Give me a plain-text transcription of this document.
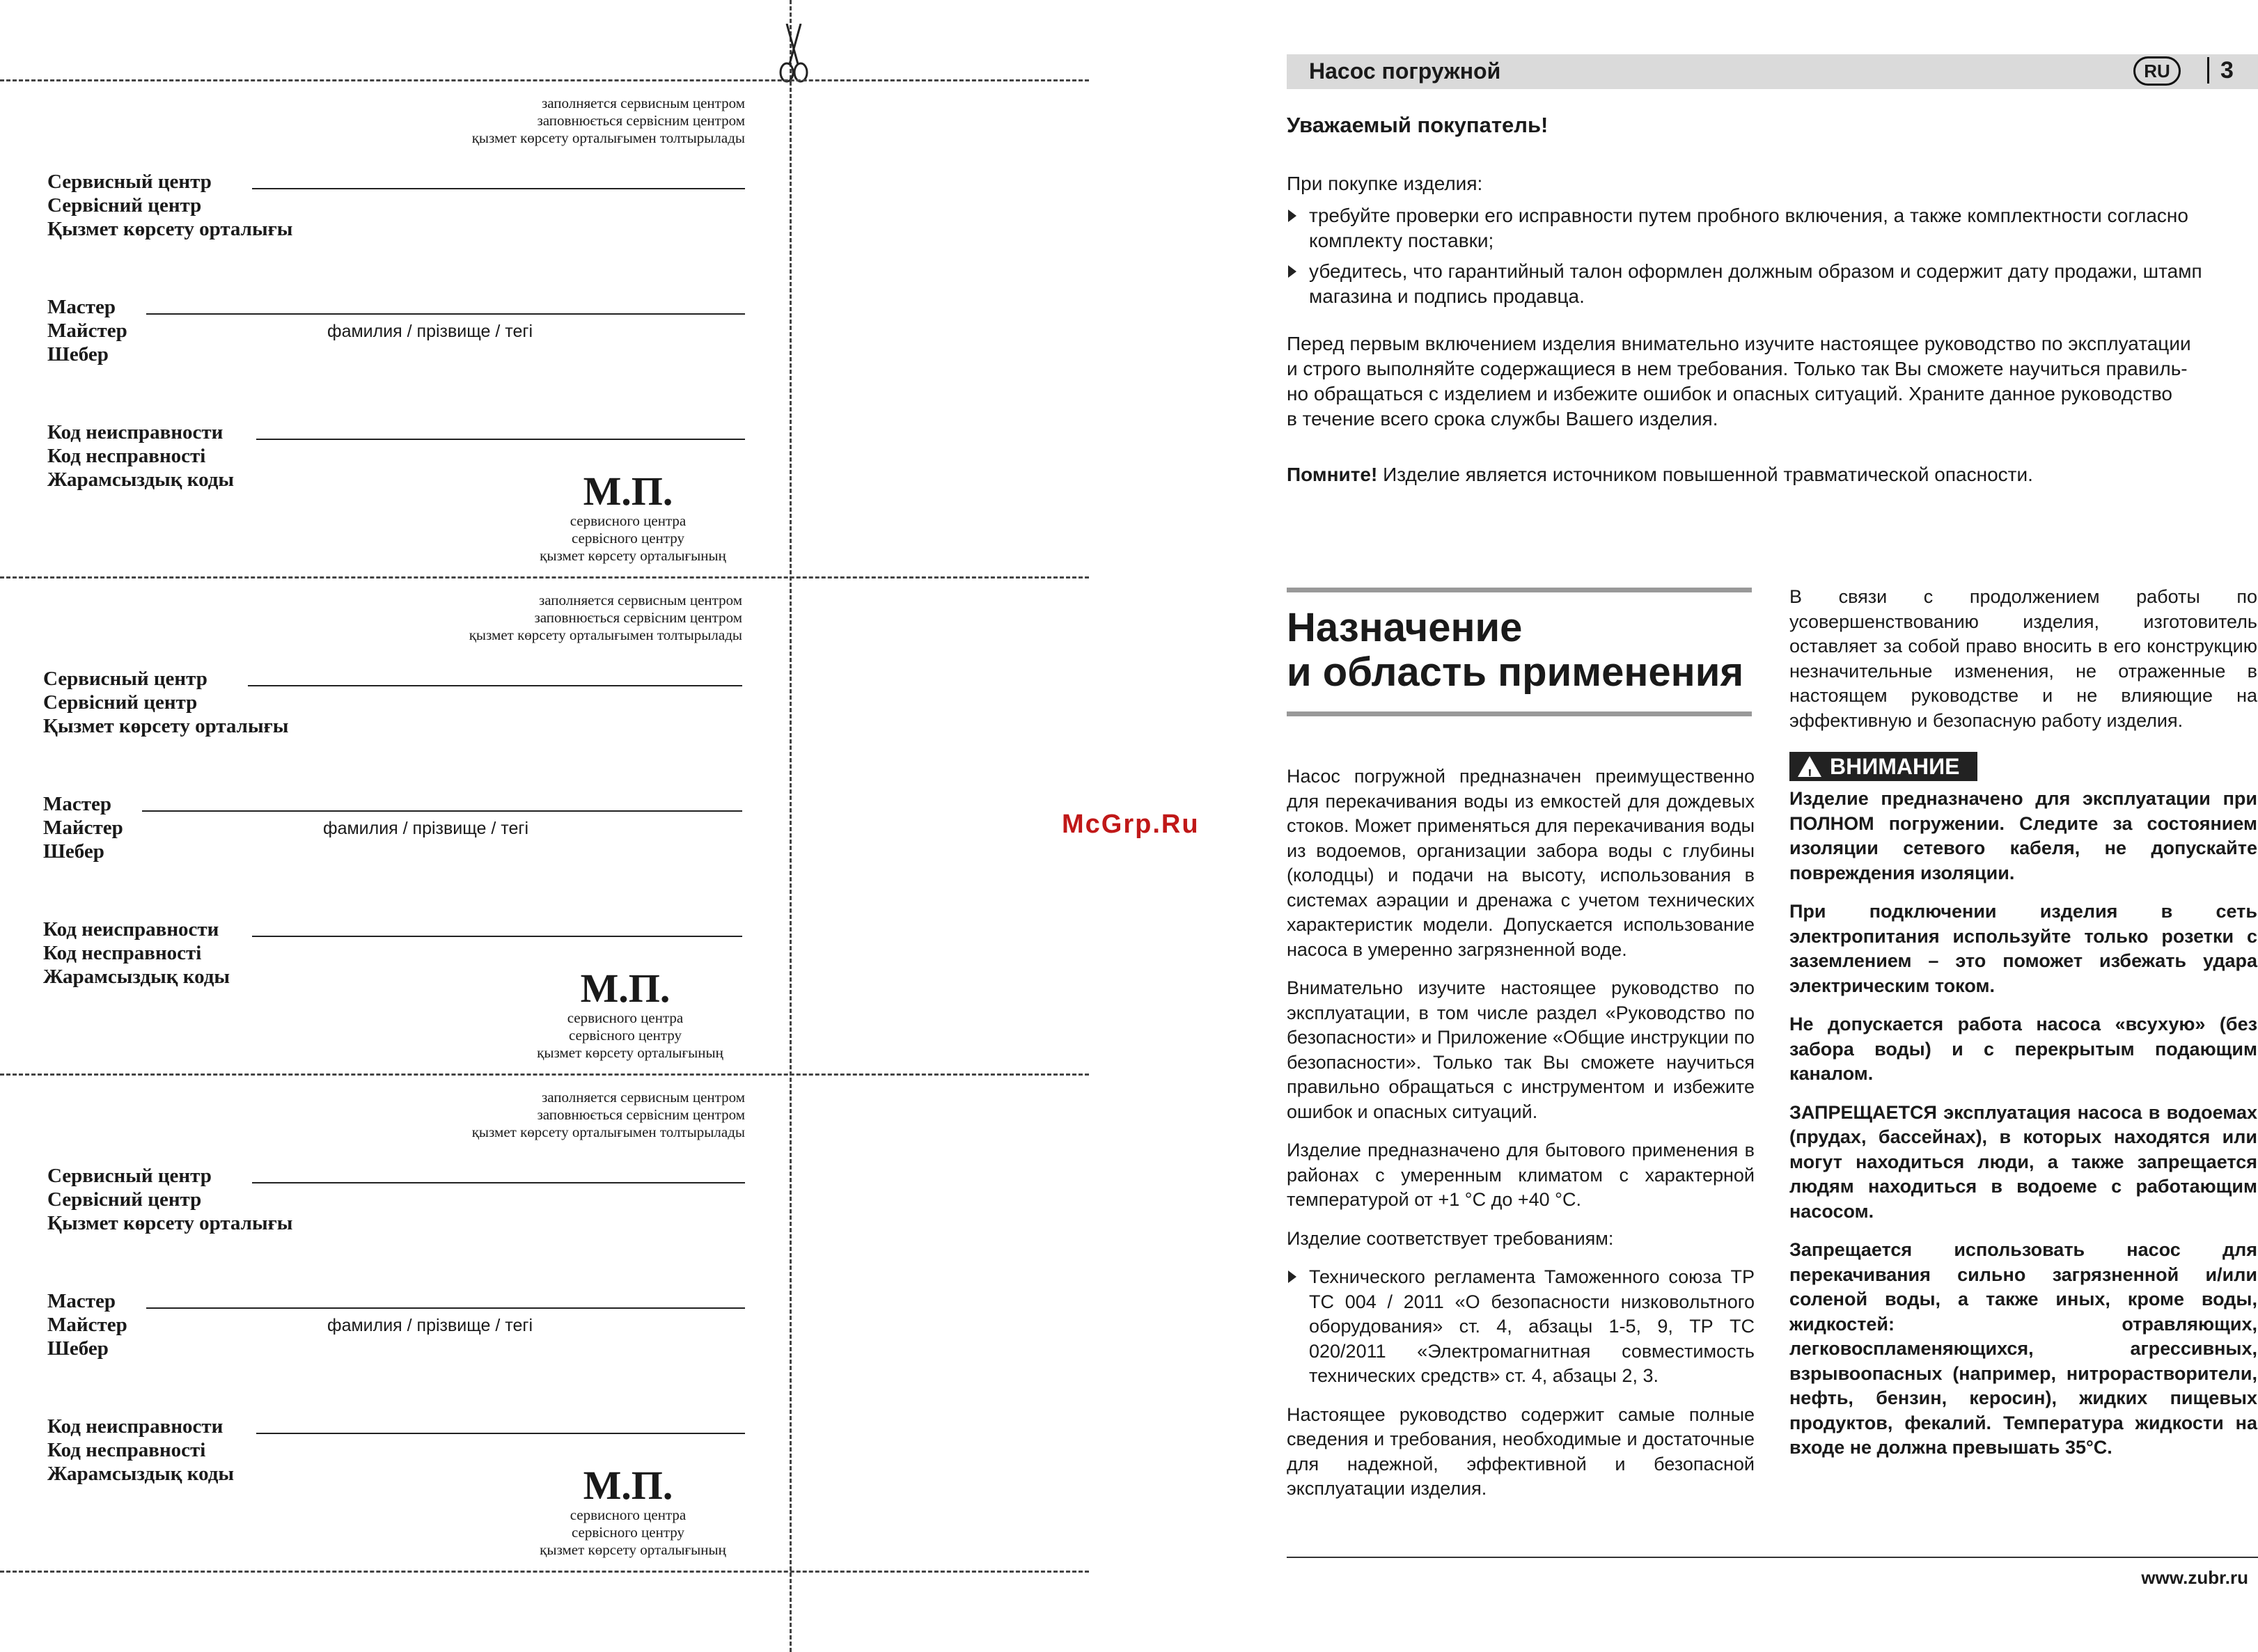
заполняется сервисным центром
заповнюється сервісним центром
қызмет көрсету орталығымен толтырылады
Сервисный центр
Сервісний центр
Қызмет көрсету орталығы
Мастер
Майстер
Шебер
фамилия / прізвище / тегі
Код неисправности
Код несправності
Жарамсыздық коды	М.П.
сервисного центра
сервісного центру
қызмет көрсету орталығының
заполняется сервисным центром
заповнюється сервісним центром
қызмет көрсету орталығымен толтырылады
Сервисный центр
Сервісний центр
Қызмет көрсету орталығы
Мастер
Майстер
Шебер
фамилия / прізвище / тегі
Код неисправности
Код несправності
Жарамсыздық коды	М.П.
сервисного центра
сервісного центру
қызмет көрсету орталығының
заполняется сервисным центром
заповнюється сервісним центром
қызмет көрсету орталығымен толтырылады
Сервисный центр
Сервісний центр
Қызмет көрсету орталығы
Мастер
Майстер
Шебер
фамилия / прізвище / тегі
Код неисправности
Код несправності
Жарамсыздық коды	М.П.
сервисного центра
сервісного центру
қызмет көрсету орталығының
McGrp.Ru
Насос погружной	RU	3
Уважаемый покупатель!
При покупке изделия:
требуйте проверки его исправности путем пробного включения, а также комплектности согласно
комплекту поставки;
убедитесь, что гарантийный талон оформлен должным образом и содержит дату продажи, штамп
магазина и подпись продавца.
Перед первым включением изделия внимательно изучите настоящее руководство по эксплуатации
и строго выполняйте содержащиеся в нем требования. Только так Вы сможете научиться правиль-
но обращаться с изделием и избежите ошибок и опасных ситуаций. Храните данное руководство
в течение всего срока службы Вашего изделия.
Помните! Изделие является источником повышенной травматической опасности.
Назначение
и область применения

Насос погружной предназначен преимущественно для перекачивания воды из емкостей для дождевых стоков. Может применяться для перекачивания воды из водоемов, организации забора воды с глубины (колодцы) и подачи на высоту, использования в системах аэрации и дренажа с учетом технических характеристик модели. Допускается использование насоса в умеренно загрязненной воде.

Внимательно изучите настоящее руководство по эксплуатации, в том числе раздел «Руководство по безопасности» и Приложение «Общие инструкции по безопасности». Только так Вы сможете научиться правильно обращаться с инструментом и избежите ошибок и опасных ситуаций.

Изделие предназначено для бытового применения в районах с умеренным климатом с характерной температурой от +1 °С до +40 °С.

Изделие соответствует требованиям:

Технического регламента Таможенного союза ТР ТС 004 / 2011 «О безопасности низковольтного оборудования» ст. 4, абзацы 1-5, 9, ТР ТС 020/2011 «Электромагнитная совместимость технических средств» ст. 4, абзацы 2, 3.

Настоящее руководство содержит самые полные сведения и требования, необходимые и достаточные для надежной, эффективной и безопасной эксплуатации изделия.

В связи с продолжением работы по усовершенствованию изделия, изготовитель оставляет за собой право вносить в его конструкцию незначительные изменения, не отраженные в настоящем руководстве и не влияющие на эффективную и безопасную работу изделия.

! ВНИМАНИЕ

Изделие предназначено для эксплуатации при ПОЛНОМ погружении. Следите за состоянием изоляции сетевого кабеля, не допускайте повреждения изоляции.

При подключении изделия в сеть электропитания используйте только розетки с заземлением – это поможет избежать удара электрическим током.

Не допускается работа насоса «всухую» (без забора воды) и с перекрытым подающим каналом.

ЗАПРЕЩАЕТСЯ эксплуатация насоса в водоемах (прудах, бассейнах), в которых находятся или могут находиться люди, а также запрещается людям находиться в водоеме с работающим насосом.

Запрещается использовать насос для перекачивания сильно загрязненной и/или соленой воды, а также иных, кроме воды, жидкостей: отравляющих, легковоспламеняющихся, агрессивных, взрывоопасных (например, нитрорастворители, нефть, бензин, керосин), жидких пищевых продуктов, фекалий. Температура жидкости на входе не должна превышать 35°С.

www.zubr.ru
